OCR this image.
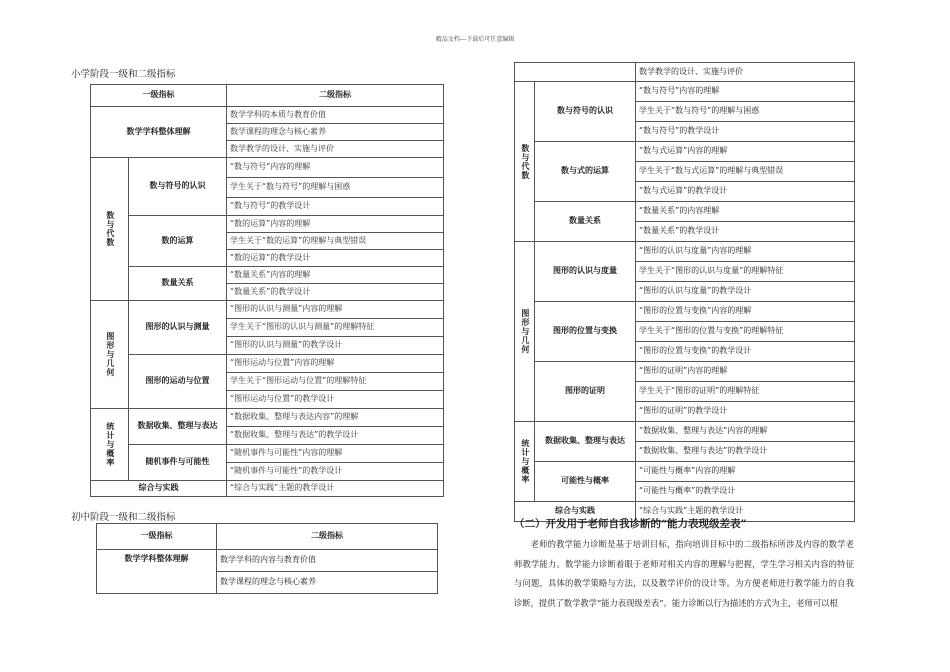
精品文档---下载后可任意编辑
小学阶段一级和二级指标
一级指标		二级指标
数学学科整体理解		数学学科的本质与教育价值
		数学课程的理念与核心素养
		数学教学的设计、实施与评价
数与代数	数与符号的认识	“数与符号”内容的理解
		学生关于“数与符号”的理解与困惑
		“数与符号”的教学设计
	数的运算	“数的运算”内容的理解
		学生关于“数的运算”的理解与典型错误
		“数的运算”的教学设计
	数量关系	“数量关系”内容的理解
		“数量关系”的教学设计
图形与几何	图形的认识与测量	“图形的认识与测量”内容的理解
		学生关于“图形的认识与测量”的理解特征
		“图形的认识与测量”的教学设计
	图形的运动与位置	“图形运动与位置”内容的理解
		学生关于“图形运动与位置”的理解特征
		“图形运动与位置”的教学设计
统计与概率	数据收集、整理与表达	“数据收集、整理与表达内容”的理解
		“数据收集、整理与表达”的教学设计
	随机事件与可能性	“随机事件与可能性”内容的理解
		“随机事件与可能性”的教学设计
综合与实践		“综合与实践”主题的教学设计
初中阶段一级和二级指标
一级指标	二级指标
数学学科整体理解	数学学科的内容与教育价值
	数学课程的理念与核心素养
		数学教学的设计、实施与评价
数与代数	数与符号的认识	“数与符号”内容的理解
		学生关于“数与符号”的理解与困惑
		“数与符号”的教学设计
	数与式的运算	“数与式运算”内容的理解
		学生关于“数与式运算”的理解与典型错误
		“数与式运算”的教学设计
	数量关系	“数量关系”的内容理解
		“数量关系”的教学设计
图形与几何	图形的认识与度量	“图形的认识与度量”内容的理解
		学生关于“图形的认识与度量”的理解特征
		“图形的认识与度量”的教学设计
	图形的位置与变换	“图形的位置与变换”内容的理解
		学生关于“图形的位置与变换”的理解特征
		“图形的位置与变换”的教学设计
	图形的证明	“图形的证明”内容的理解
		学生关于“图形的证明”的理解特征
		“图形的证明”的教学设计
统计与概率	数据收集、整理与表达	“数据收集、整理与表达”内容的理解
		“数据收集、整理与表达”的教学设计
	可能性与概率	“可能性与概率”内容的理解
		“可能性与概率”的教学设计
综合与实践		“综合与实践”主题的教学设计
（二）开发用于老师自我诊断的“能力表现级差表”
老师的教学能力诊断是基于培训目标，指向培训目标中的二级指标所涉及内容的数学老师教学能力。数学能力诊断着眼于老师对相关内容的理解与把握，学生学习相关内容的特征与问题，具体的教学策略与方法，以及教学评价的设计等。为方便老师进行教学能力的自我诊断，提供了数学教学“能力表现级差表”。能力诊断以行为描述的方式为主，老师可以根
